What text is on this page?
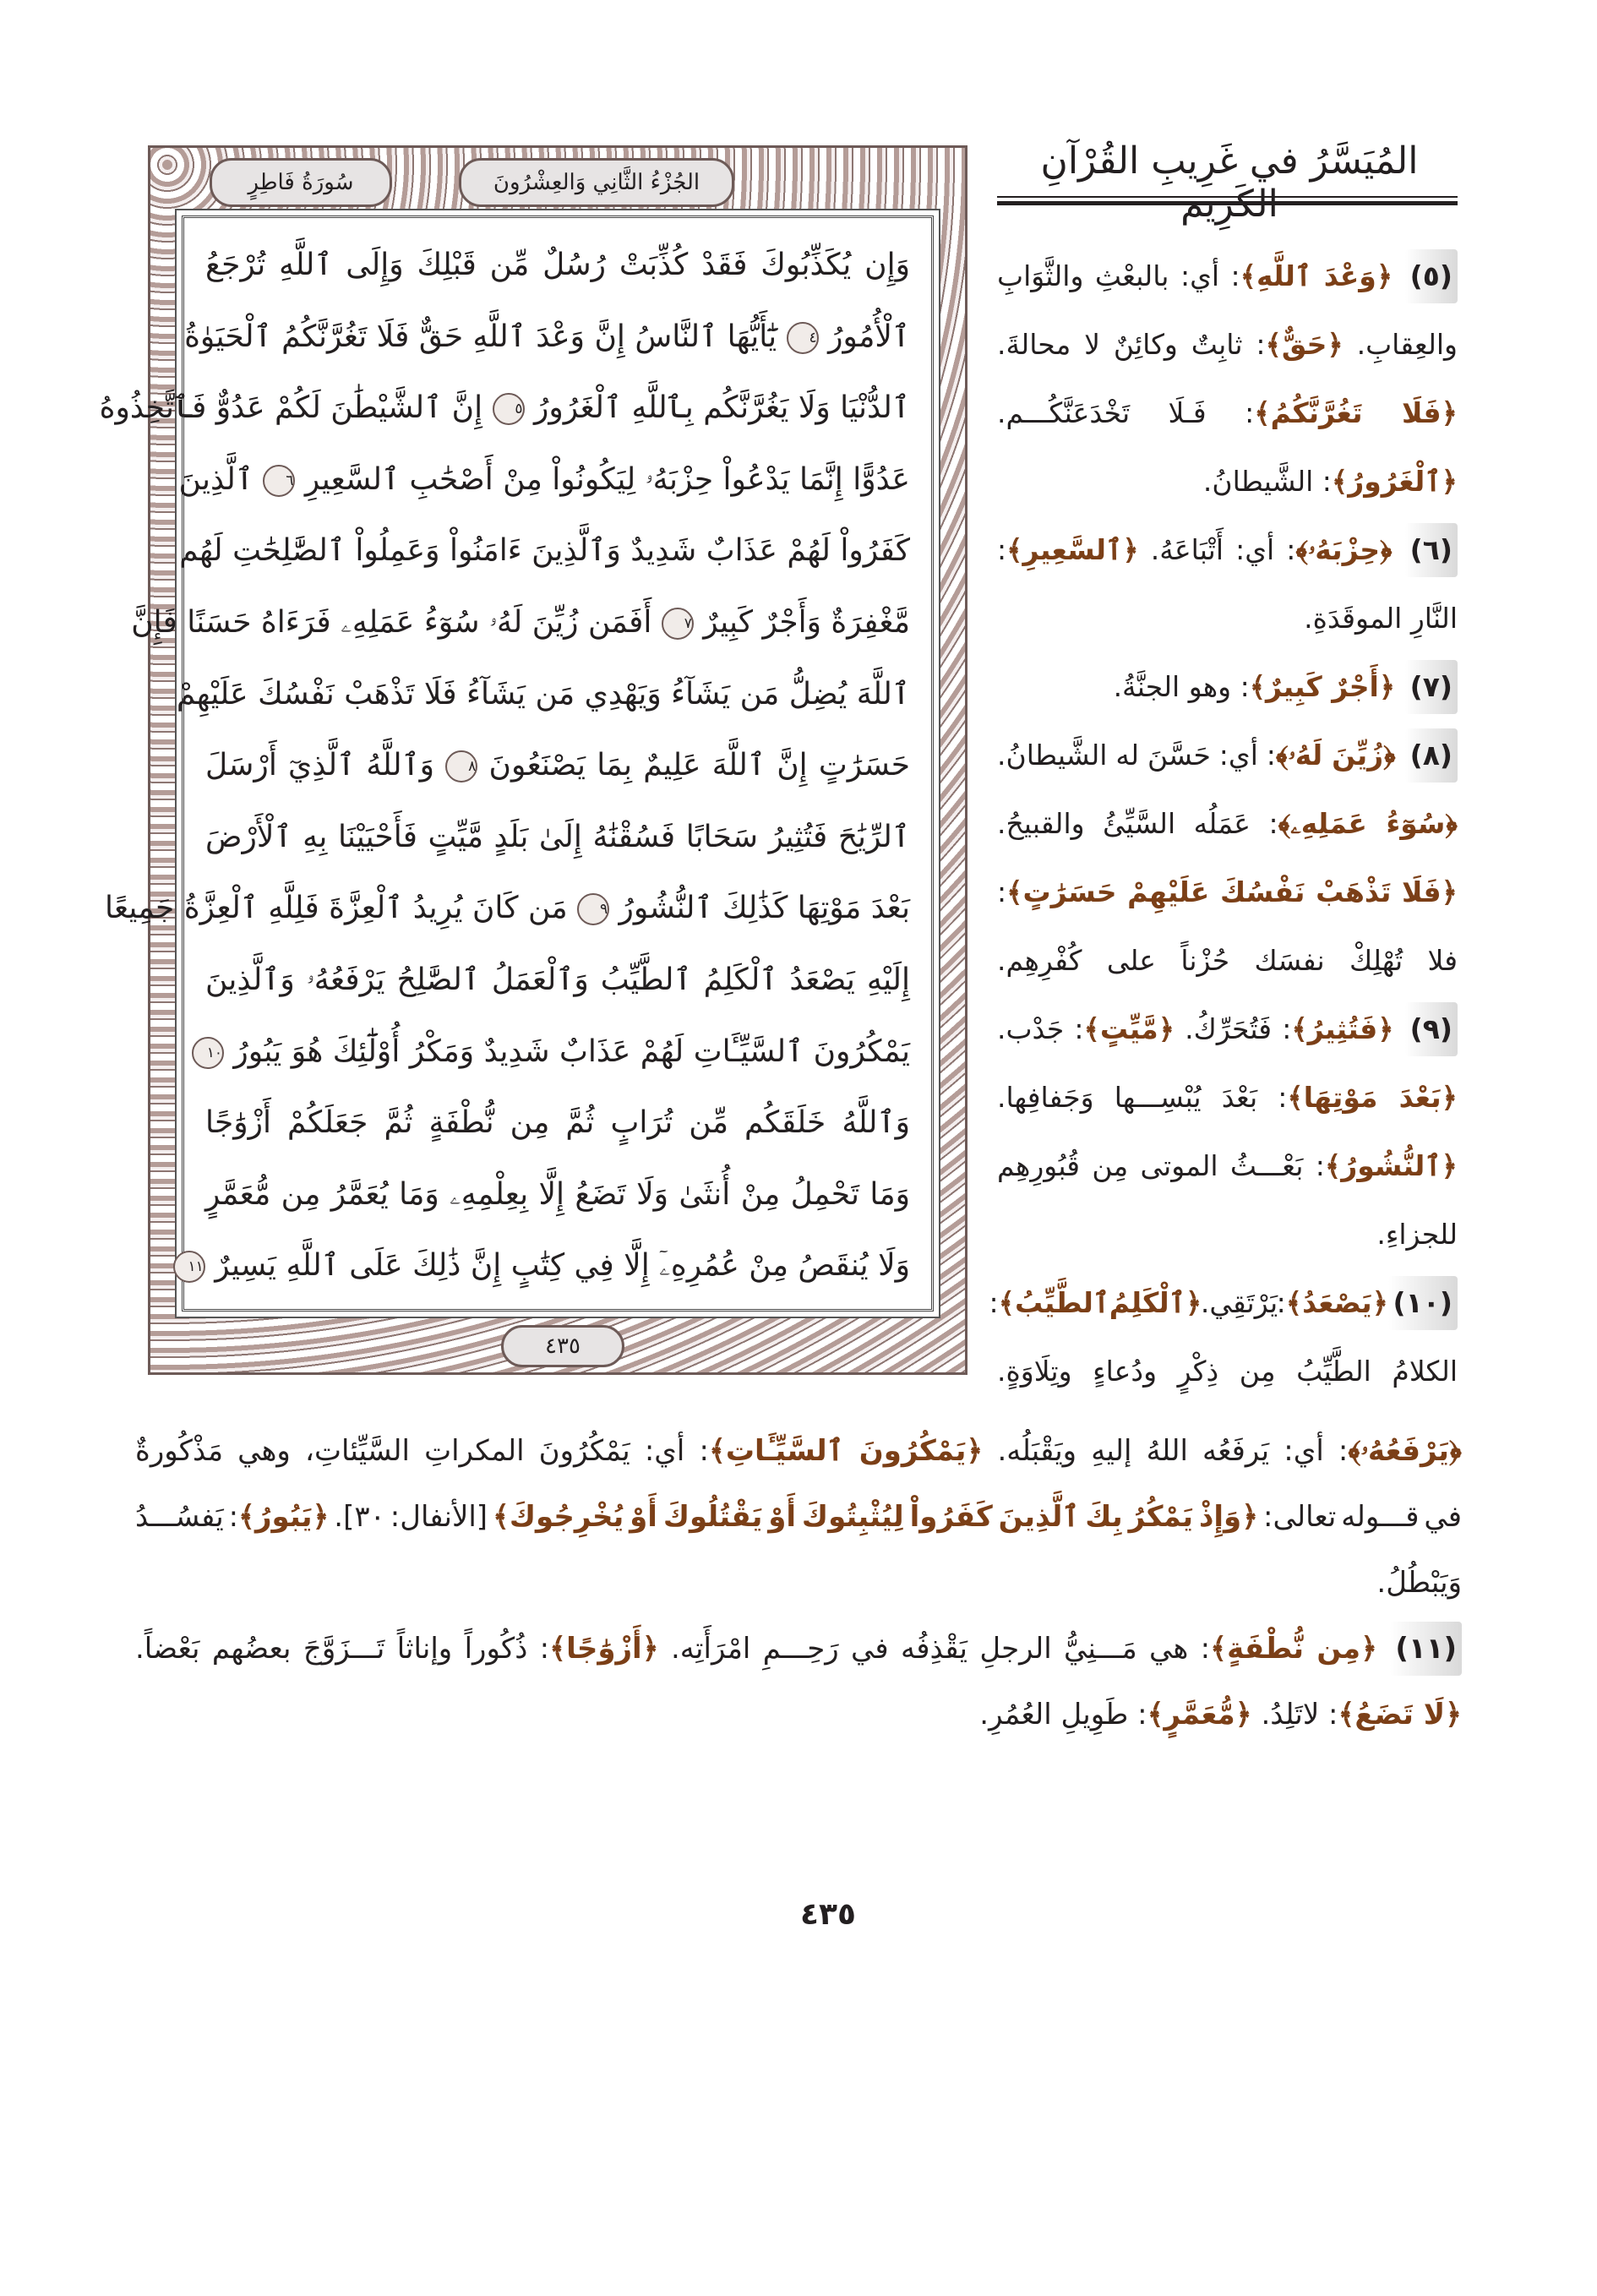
المُيَسَّرُ في غَرِيبِ القُرْآنِ الكَرِيم
الجُزْءُ الثَّانِي وَالعِشْرُونَ
سُورَةُ فَاطِرٍ
وَإِن يُكَذِّبُوكَ فَقَدْ كُذِّبَتْ رُسُلٌ مِّن قَبْلِكَ وَإِلَى ٱللَّهِ تُرْجَعُ
ٱلْأُمُورُ ٤ يَٰٓأَيُّهَا ٱلنَّاسُ إِنَّ وَعْدَ ٱللَّهِ حَقٌّ فَلَا تَغُرَّنَّكُمُ ٱلْحَيَوٰةُ
ٱلدُّنْيَا وَلَا يَغُرَّنَّكُم بِٱللَّهِ ٱلْغَرُورُ ٥ إِنَّ ٱلشَّيْطَٰنَ لَكُمْ عَدُوٌّ فَٱتَّخِذُوهُ
عَدُوًّا إِنَّمَا يَدْعُواْ حِزْبَهُۥ لِيَكُونُواْ مِنْ أَصْحَٰبِ ٱلسَّعِيرِ ٦ ٱلَّذِينَ
كَفَرُواْ لَهُمْ عَذَابٌ شَدِيدٌ وَٱلَّذِينَ ءَامَنُواْ وَعَمِلُواْ ٱلصَّٰلِحَٰتِ لَهُم
مَّغْفِرَةٌ وَأَجْرٌ كَبِيرٌ ٧ أَفَمَن زُيِّنَ لَهُۥ سُوٓءُ عَمَلِهِۦ فَرَءَاهُ حَسَنًا فَإِنَّ
ٱللَّهَ يُضِلُّ مَن يَشَآءُ وَيَهْدِي مَن يَشَآءُ فَلَا تَذْهَبْ نَفْسُكَ عَلَيْهِمْ
حَسَرَٰتٍ إِنَّ ٱللَّهَ عَلِيمٌ بِمَا يَصْنَعُونَ ٨ وَٱللَّهُ ٱلَّذِيٓ أَرْسَلَ
ٱلرِّيَٰحَ فَتُثِيرُ سَحَابًا فَسُقْنَٰهُ إِلَىٰ بَلَدٍ مَّيِّتٍ فَأَحْيَيْنَا بِهِ ٱلْأَرْضَ
بَعْدَ مَوْتِهَا كَذَٰلِكَ ٱلنُّشُورُ ٩ مَن كَانَ يُرِيدُ ٱلْعِزَّةَ فَلِلَّهِ ٱلْعِزَّةُ جَمِيعًا
إِلَيْهِ يَصْعَدُ ٱلْكَلِمُ ٱلطَّيِّبُ وَٱلْعَمَلُ ٱلصَّٰلِحُ يَرْفَعُهُۥ وَٱلَّذِينَ
يَمْكُرُونَ ٱلسَّيِّـَٔاتِ لَهُمْ عَذَابٌ شَدِيدٌ وَمَكْرُ أُوْلَٰٓئِكَ هُوَ يَبُورُ ١٠
وَٱللَّهُ خَلَقَكُم مِّن تُرَابٍ ثُمَّ مِن نُّطْفَةٍ ثُمَّ جَعَلَكُمْ أَزْوَٰجًا
وَمَا تَحْمِلُ مِنْ أُنثَىٰ وَلَا تَضَعُ إِلَّا بِعِلْمِهِۦ وَمَا يُعَمَّرُ مِن مُّعَمَّرٍ
وَلَا يُنقَصُ مِنْ عُمُرِهِۦٓ إِلَّا فِي كِتَٰبٍ إِنَّ ذَٰلِكَ عَلَى ٱللَّهِ يَسِيرٌ ١١
٤٣٥
(٥) ﴿وَعْدَ ٱللَّهِ﴾: أي: بالبعْثِ والثَّوَابِ
والعِقابِ. ﴿حَقٌّ﴾: ثابِتٌ وكائِنٌ لا محالةَ.
﴿فَلَا تَغُرَّنَّكُمُ﴾: فَـلَا تَخْدَعَنَّكُـــم.
﴿ٱلْغَرُورُ﴾: الشَّيطانُ.
(٦) ﴿حِزْبَهُۥ﴾: أي: أَتْبَاعَهُ. ﴿ٱلسَّعِيرِ﴾:
النَّارِ الموقَدَةِ.
(٧) ﴿أَجْرٌ كَبِيرٌ﴾: وهو الجنَّةُ.
(٨) ﴿زُيِّنَ لَهُۥ﴾: أي: حَسَّنَ له الشَّيطانُ.
﴿سُوٓءُ عَمَلِهِۦ﴾: عَمَلُه السَّيِّئُ والقبيحُ.
﴿فَلَا تَذْهَبْ نَفْسُكَ عَلَيْهِمْ حَسَرَٰتٍ﴾:
فلا تُهْلِكْ نفسَك حُزْناً على كُفْرِهِم.
(٩) ﴿فَتُثِيرُ﴾: فَتُحَرِّكُ. ﴿مَّيِّتٍ﴾: جَدْب.
﴿بَعْدَ مَوْتِهَا﴾: بَعْدَ يُبْسِـــها وَجَفافِها.
﴿ٱلنُّشُورُ﴾: بَعْـــثُ الموتى مِن قُبُورِهِم
للجزاءِ.
(١٠) ﴿يَصْعَدُ﴾: يَرْتَقِي. ﴿ٱلْكَلِمُ ٱلطَّيِّبُ﴾:
الكلامُ الطَّيِّبُ مِن ذِكْرٍ ودُعاءٍ وتِلَاوَةٍ.
﴿يَرْفَعُهُۥ﴾: أي: يَرفَعُه اللهُ إليهِ ويَقْبَلُه. ﴿يَمْكُرُونَ ٱلسَّيِّـَٔاتِ﴾: أي: يَمْكُرُونَ المكراتِ السَّيِّئاتِ، وهي مَذْكُورةٌ
في قـــوله تعالى: ﴿وَإِذْ يَمْكُرُ بِكَ ٱلَّذِينَ كَفَرُواْ لِيُثْبِتُوكَ أَوْ يَقْتُلُوكَ أَوْ يُخْرِجُوكَ﴾ [الأنفال: ٣٠]. ﴿يَبُورُ﴾: يَفسُـــدُ
وَيَبْطُلُ.
(١١) ﴿مِن نُّطْفَةٍ﴾: هي مَـــنِيُّ الرجلِ يَقْذِفُه في رَحِـــمِ امْرَأَتِه. ﴿أَزْوَٰجًا﴾: ذُكُوراً وإناثاً تَـــزَوَّجَ بعضُهم بَعْضاً.
﴿لَا تَضَعُ﴾: لاتَلِدُ. ﴿مُّعَمَّرٍ﴾: طَوِيلِ العُمُرِ.
٤٣٥
